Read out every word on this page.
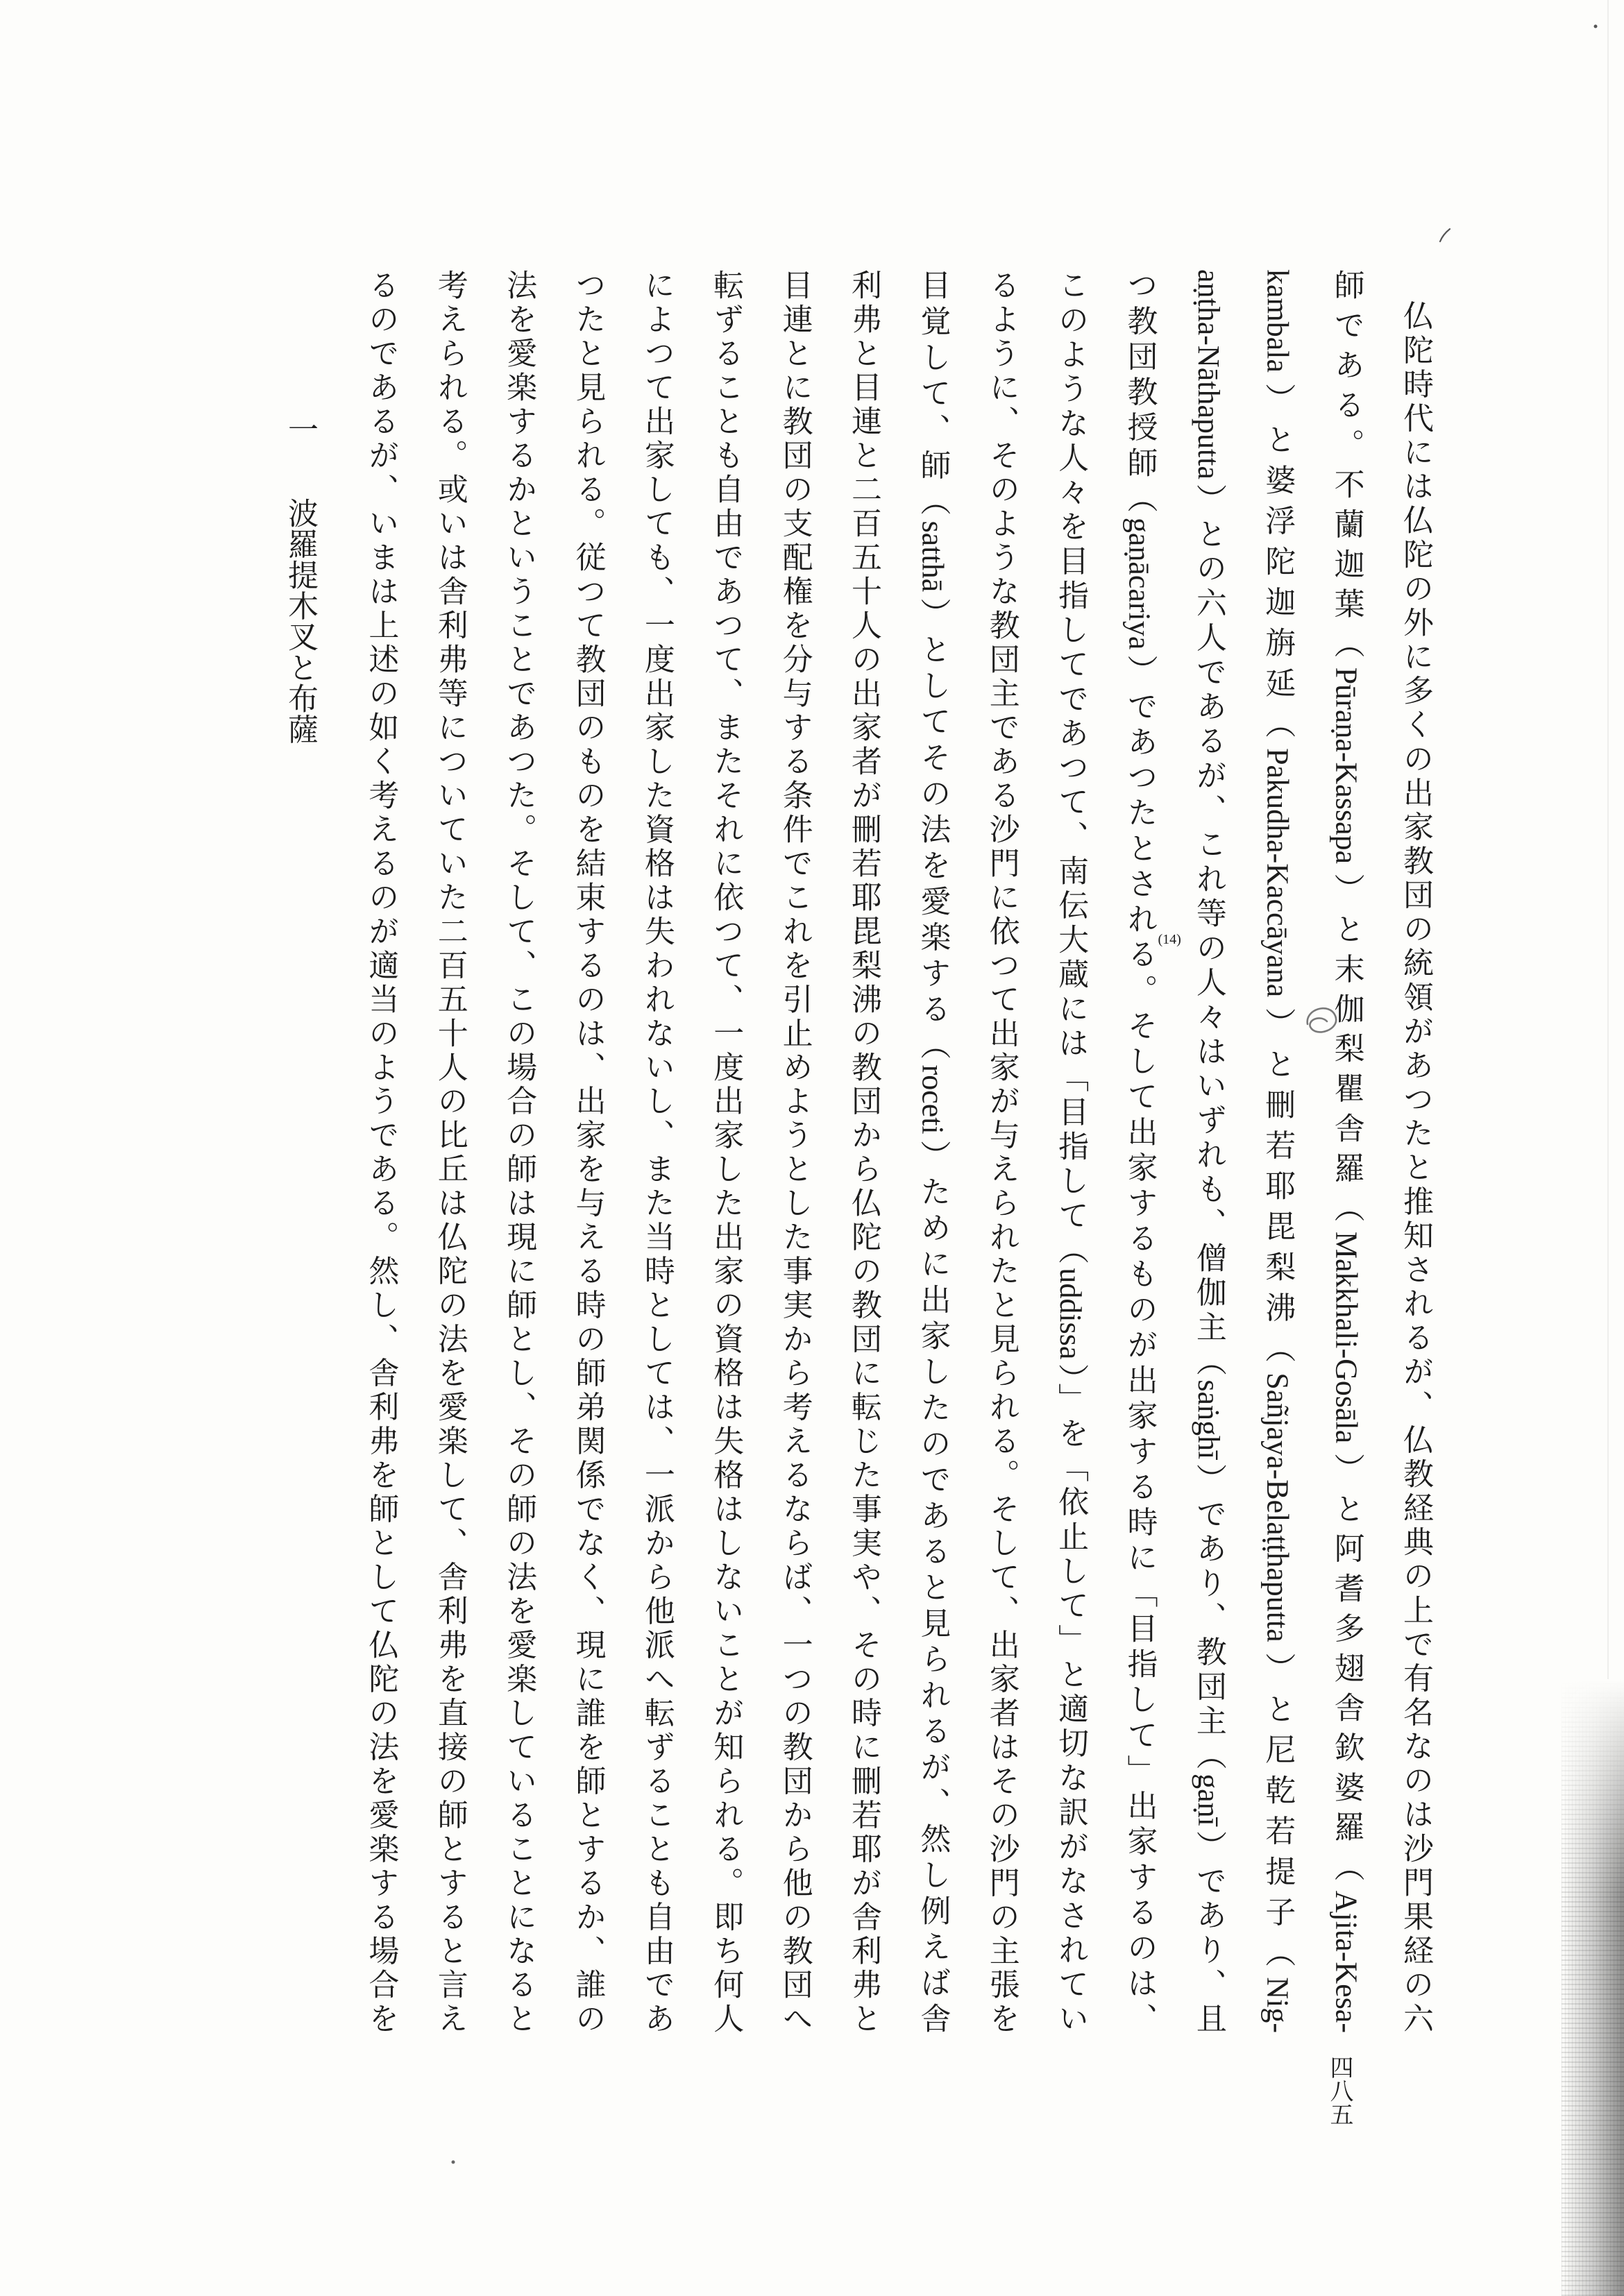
一
波羅提木叉と布薩	仏陀時代には仏陀の外に多くの出家教団の統領があつたと推知されるが、仏教経典の上で有名なのは沙門果経の六
師である。不蘭迦葉（Pūraṇa-Kassapa）と末伽梨瞿舎羅（Makkhali-Gosāla）と阿耆多翅舎欽婆羅（Ajita-Kesa-
kambala）と婆浮陀迦旃延（Pakudha-Kaccāyana）と刪若耶毘梨沸（Sañjaya-Belaṭṭhaputta）と尼乾若提子（Nig-
aṇṭha-Nāthaputta）との六人であるが、これ等の人々はいずれも、僧伽主（saṅghī）であり、教団主（gaṇī）であり、且
つ教団教授師（gaṇācariya）であつたとされる (14)
。そして出家するものが出家する時に「目指して」出家するのは、
このような人々を目指してであつて、南伝大蔵には「目指して（uddissa）」を「依止して」と適切な訳がなされてい
るように、そのような教団主である沙門に依つて出家が与えられたと見られる。そして、出家者はその沙門の主張を
目覚して、師（satthā）としてその法を愛楽する（roceti）ために出家したのであると見られるが、然し例えば舎
利弗と目連と二百五十人の出家者が刪若耶毘梨沸の教団から仏陀の教団に転じた事実や、その時に刪若耶が舎利弗と
目連とに教団の支配権を分与する条件でこれを引止めようとした事実から考えるならば、一つの教団から他の教団へ
転ずることも自由であつて、またそれに依つて、一度出家した出家の資格は失格はしないことが知られる。即ち何人
によつて出家しても、一度出家した資格は失われないし、また当時としては、一派から他派へ転ずることも自由であ
つたと見られる。従つて教団のものを結束するのは、出家を与える時の師弟関係でなく、現に誰を師とするか、誰の
法を愛楽するかということであつた。そして、この場合の師は現に師とし、その師の法を愛楽していることになると
考えられる。或いは舎利弗等についていた二百五十人の比丘は仏陀の法を愛楽して、舎利弗を直接の師とすると言え
るのであるが、いまは上述の如く考えるのが適当のようである。然し、舎利弗を師として仏陀の法を愛楽する場合を
四八五
